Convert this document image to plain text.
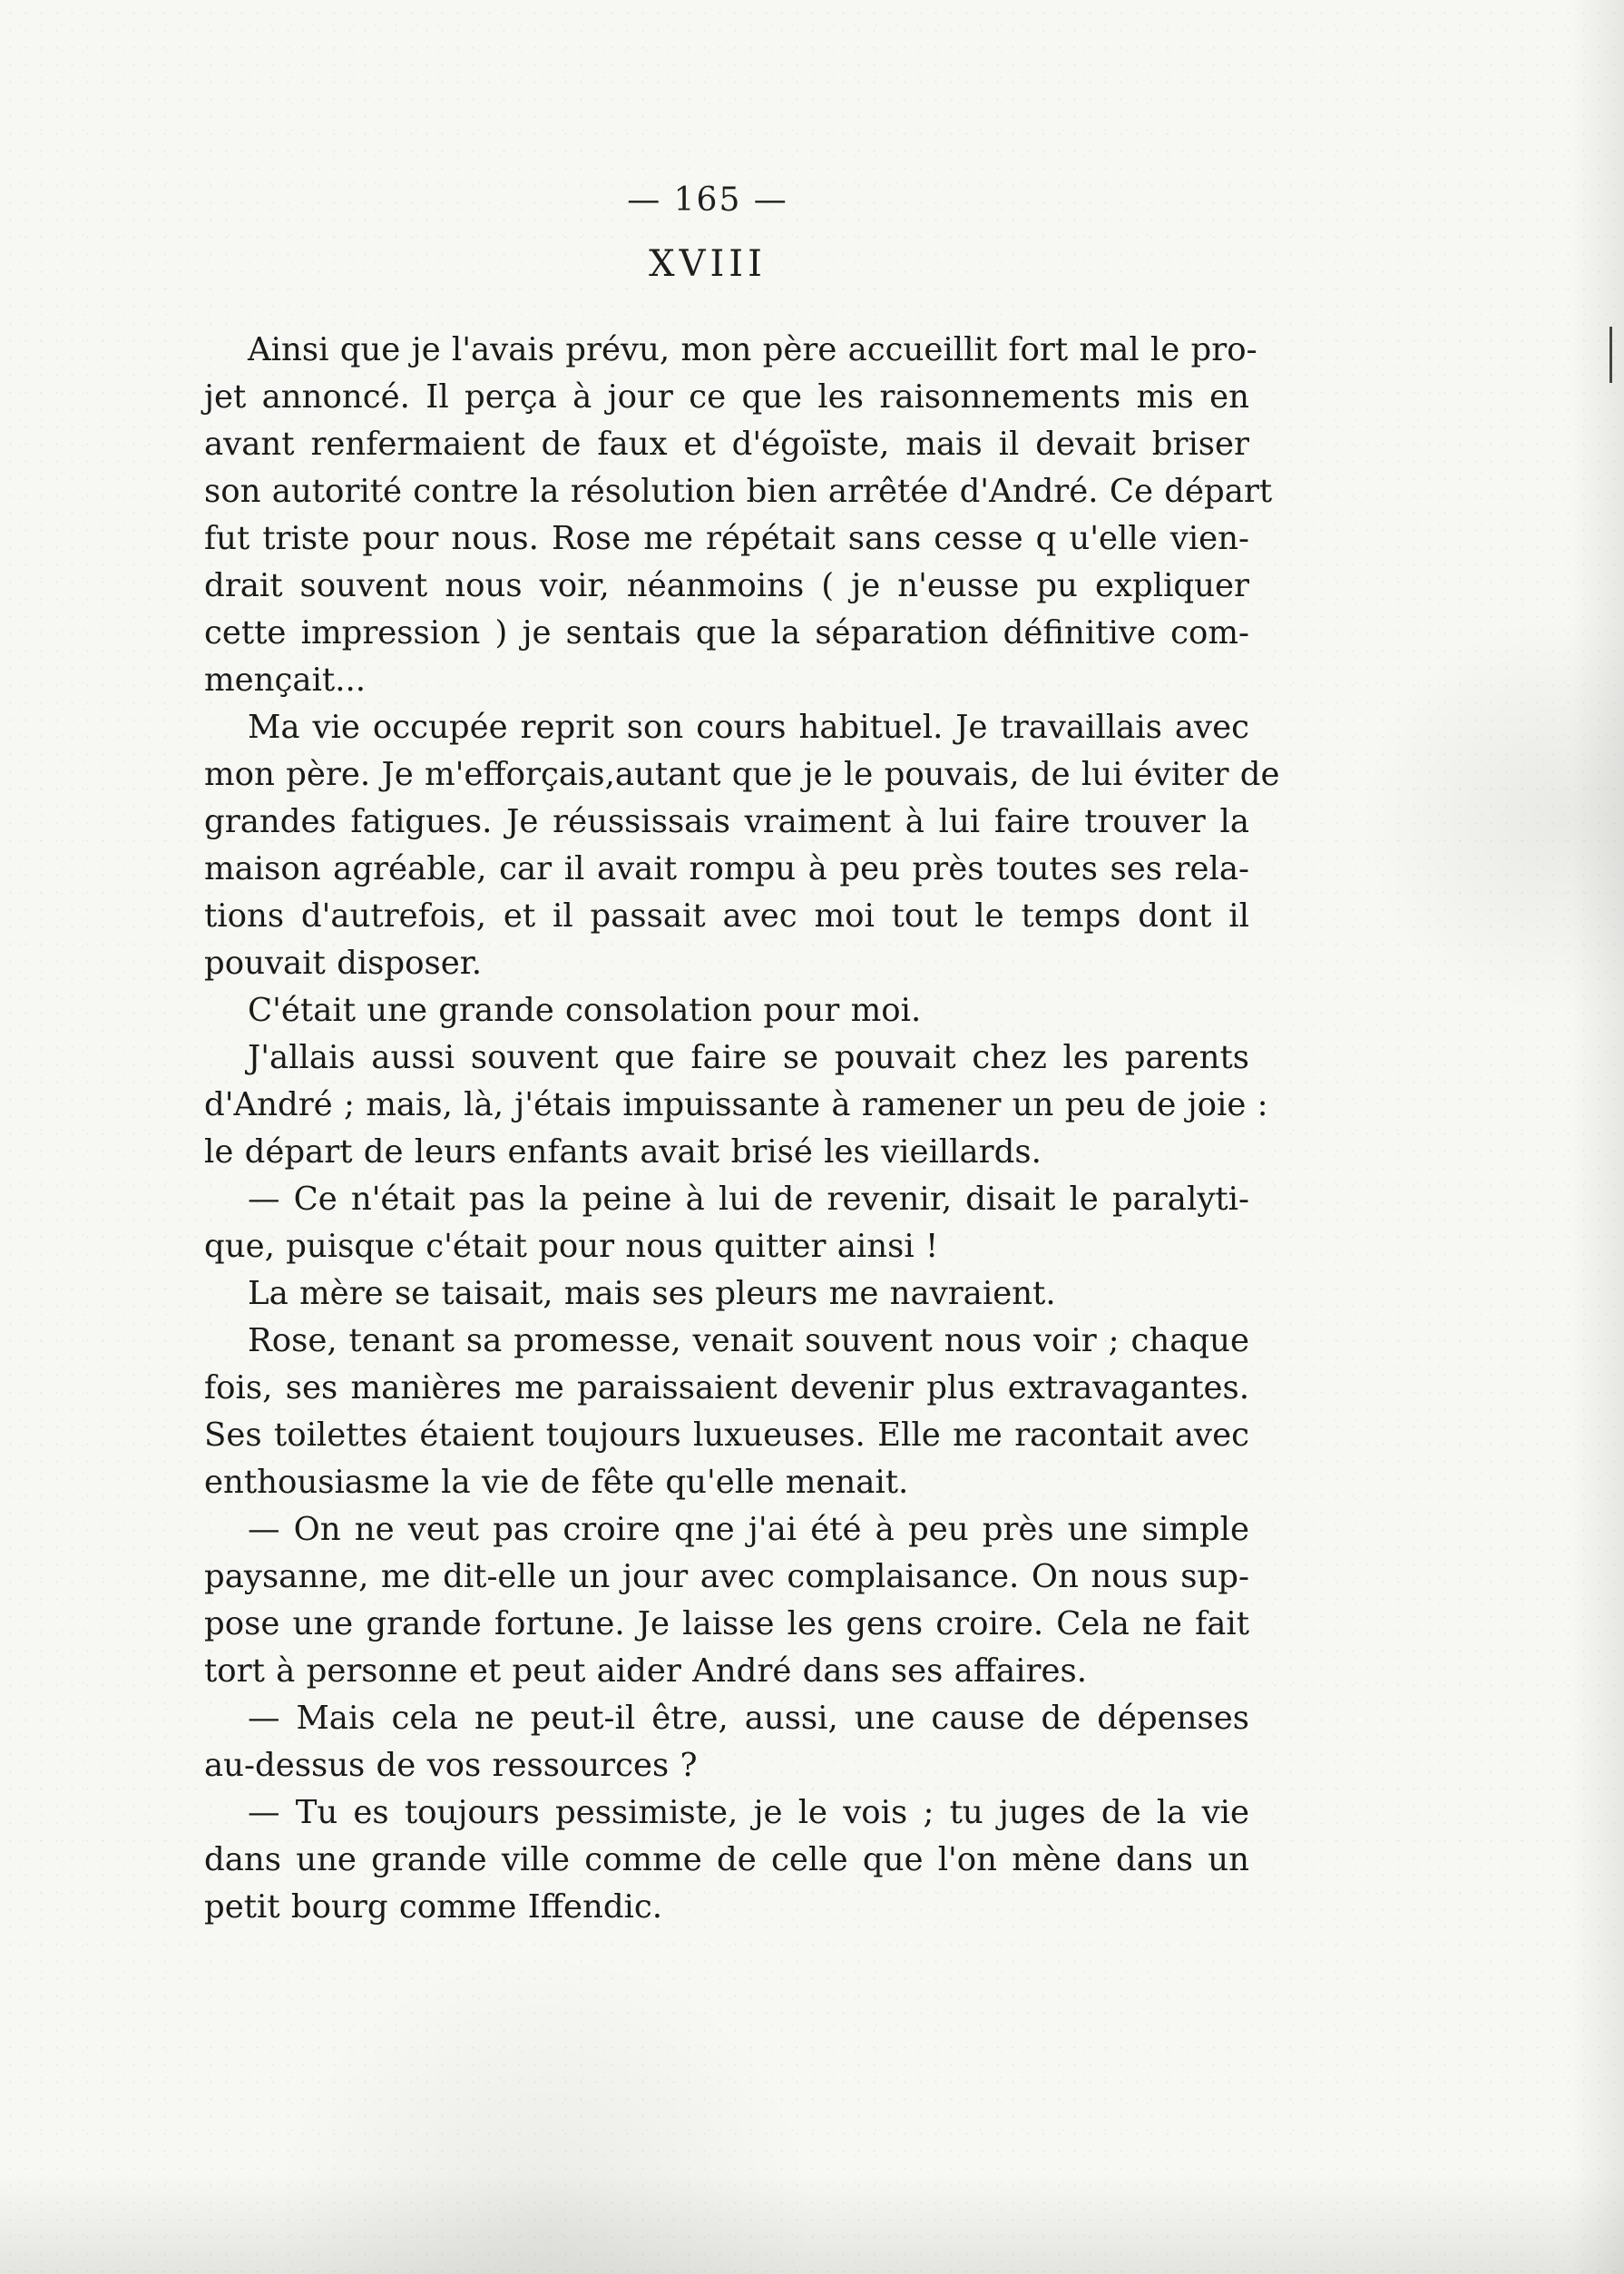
— 165 —
XVIII
Ainsi que je l'avais prévu, mon père accueillit fort mal le pro-
jet annoncé. Il perça à jour ce que les raisonnements mis en
avant renfermaient de faux et d'égoïste, mais il devait briser
son autorité contre la résolution bien arrêtée d'André. Ce départ
fut triste pour nous. Rose me répétait sans cesse q u'elle vien-
drait souvent nous voir, néanmoins ( je n'eusse pu expliquer
cette impression ) je sentais que la séparation définitive com-
mençait...
Ma vie occupée reprit son cours habituel. Je travaillais avec
mon père. Je m'efforçais,autant que je le pouvais, de lui éviter de
grandes fatigues. Je réussissais vraiment à lui faire trouver la
maison agréable, car il avait rompu à peu près toutes ses rela-
tions d'autrefois, et il passait avec moi tout le temps dont il
pouvait disposer.
C'était une grande consolation pour moi.
J'allais aussi souvent que faire se pouvait chez les parents
d'André ; mais, là, j'étais impuissante à ramener un peu de joie :
le départ de leurs enfants avait brisé les vieillards.
— Ce n'était pas la peine à lui de revenir, disait le paralyti-
que, puisque c'était pour nous quitter ainsi !
La mère se taisait, mais ses pleurs me navraient.
Rose, tenant sa promesse, venait souvent nous voir ; chaque
fois, ses manières me paraissaient devenir plus extravagantes.
Ses toilettes étaient toujours luxueuses. Elle me racontait avec
enthousiasme la vie de fête qu'elle menait.
— On ne veut pas croire qne j'ai été à peu près une simple
paysanne, me dit-elle un jour avec complaisance. On nous sup-
pose une grande fortune. Je laisse les gens croire. Cela ne fait
tort à personne et peut aider André dans ses affaires.
— Mais cela ne peut-il être, aussi, une cause de dépenses
au-dessus de vos ressources ?
— Tu es toujours pessimiste, je le vois ; tu juges de la vie
dans une grande ville comme de celle que l'on mène dans un
petit bourg comme Iffendic.
